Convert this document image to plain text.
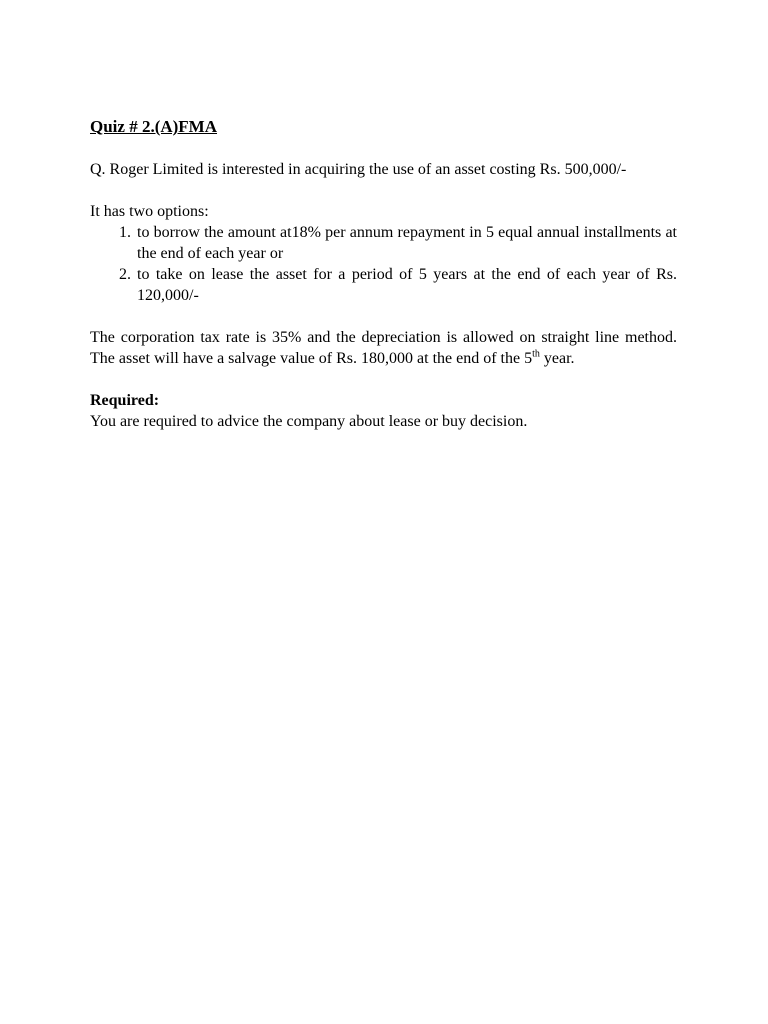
Quiz # 2.(A)FMA

Q. Roger Limited is interested in acquiring the use of an asset costing Rs. 500,000/-

It has two options:

1. to borrow the amount at18% per annum repayment in 5 equal annual installments at the end of each year or
2. to take on lease the asset for a period of 5 years at the end of each year of Rs. 120,000/-

The corporation tax rate is 35% and the depreciation is allowed on straight line method. The asset will have a salvage value of Rs. 180,000 at the end of the 5th year.

Required:

You are required to advice the company about lease or buy decision.
